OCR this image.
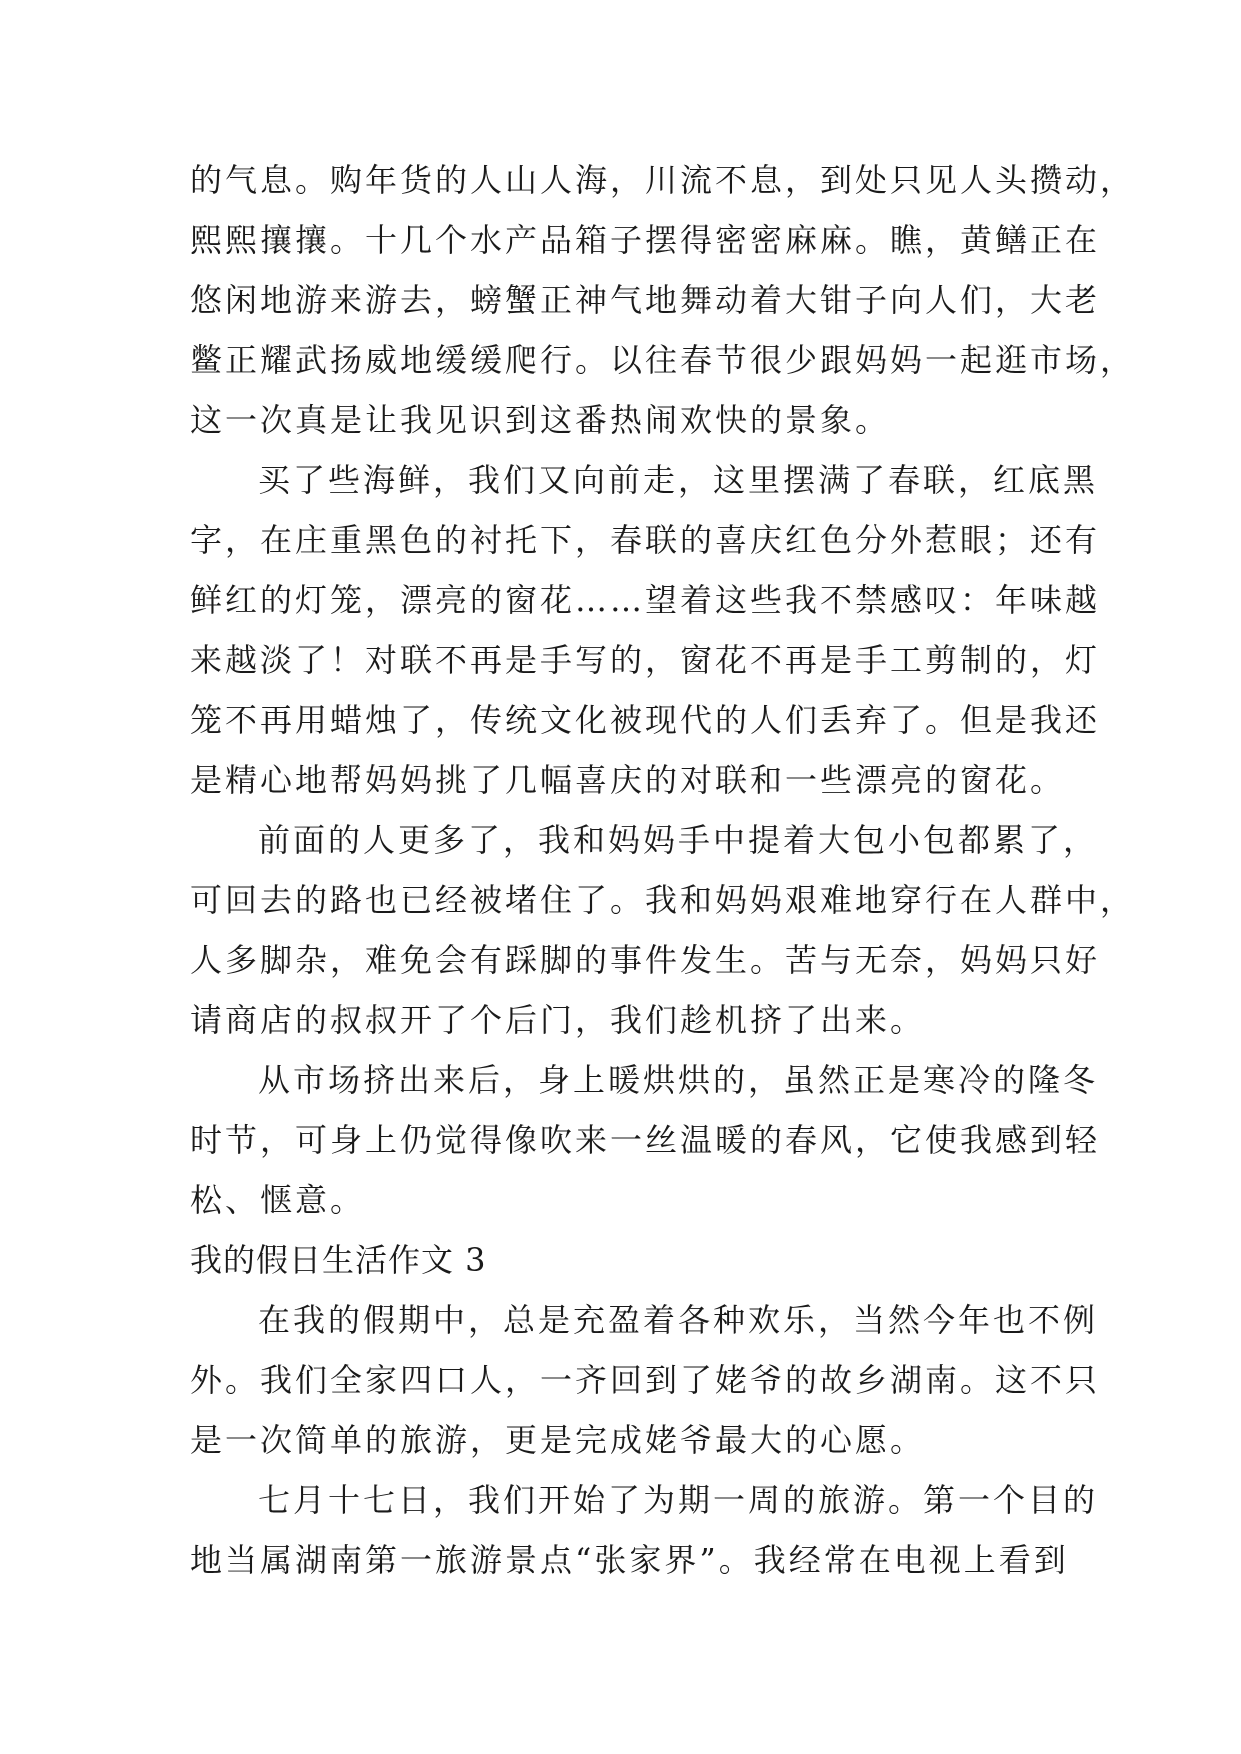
的气息。购年货的人山人海，川流不息，到处只见人头攒动，
熙熙攘攘。十几个水产品箱子摆得密密麻麻。瞧，黄鳝正在
悠闲地游来游去，螃蟹正神气地舞动着大钳子向人们，大老
鳖正耀武扬威地缓缓爬行。以往春节很少跟妈妈一起逛市场，
这一次真是让我见识到这番热闹欢快的景象。
买了些海鲜，我们又向前走，这里摆满了春联，红底黑
字，在庄重黑色的衬托下，春联的喜庆红色分外惹眼；还有
鲜红的灯笼，漂亮的窗花……望着这些我不禁感叹：年味越
来越淡了！对联不再是手写的，窗花不再是手工剪制的，灯
笼不再用蜡烛了，传统文化被现代的人们丢弃了。但是我还
是精心地帮妈妈挑了几幅喜庆的对联和一些漂亮的窗花。
前面的人更多了，我和妈妈手中提着大包小包都累了，
可回去的路也已经被堵住了。我和妈妈艰难地穿行在人群中，
人多脚杂，难免会有踩脚的事件发生。苦与无奈，妈妈只好
请商店的叔叔开了个后门，我们趁机挤了出来。
从市场挤出来后，身上暖烘烘的，虽然正是寒冷的隆冬
时节，可身上仍觉得像吹来一丝温暖的春风，它使我感到轻
松、惬意。
我的假日生活作文 3
在我的假期中，总是充盈着各种欢乐，当然今年也不例
外。我们全家四口人，一齐回到了姥爷的故乡湖南。这不只
是一次简单的旅游，更是完成姥爷最大的心愿。
七月十七日，我们开始了为期一周的旅游。第一个目的
地当属湖南第一旅游景点“张家界”。我经常在电视上看到
